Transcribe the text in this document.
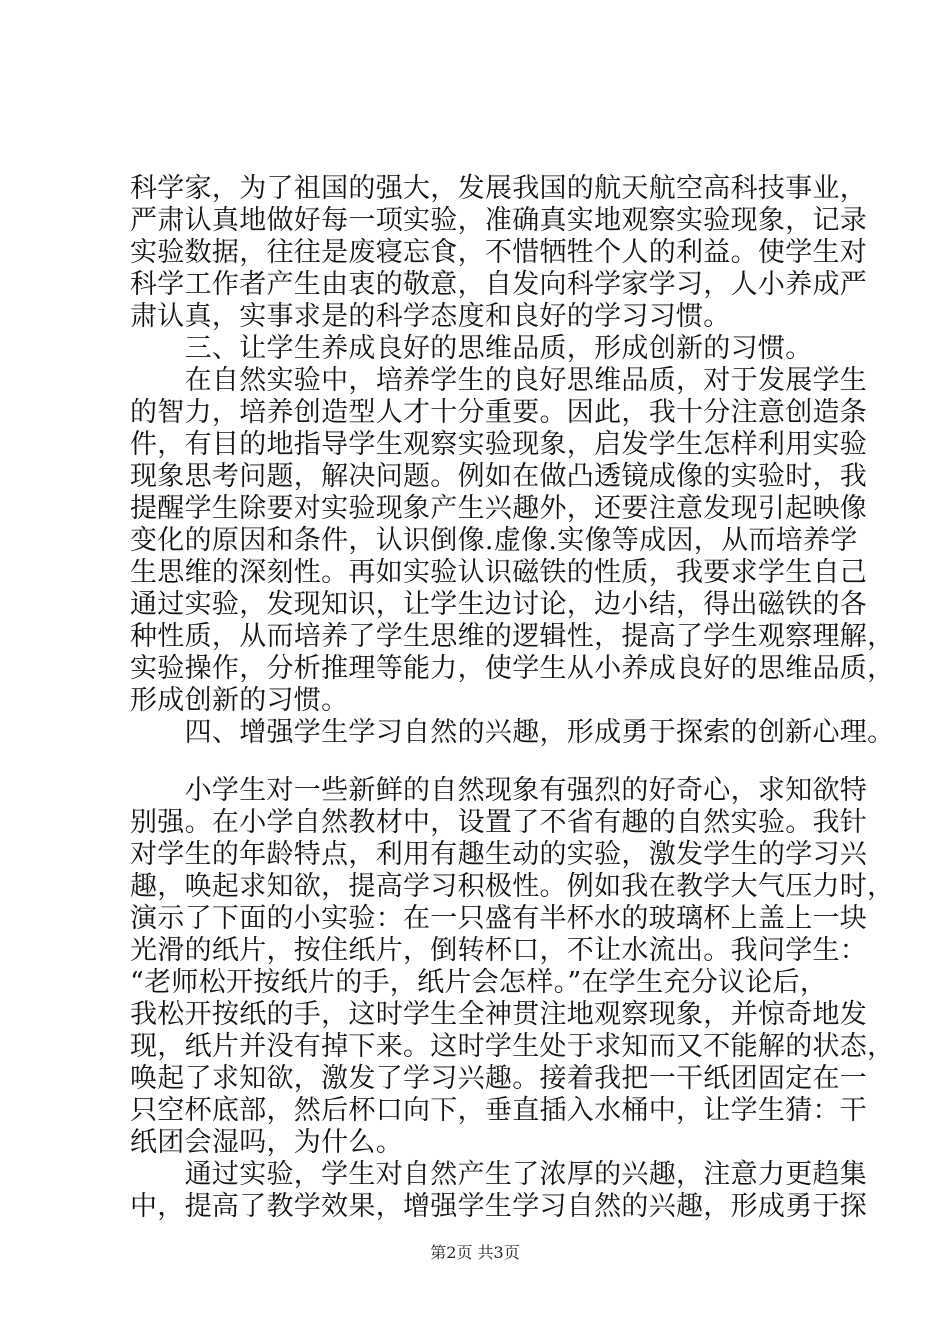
科学家，为了祖国的强大，发展我国的航天航空高科技事业，
严肃认真地做好每一项实验，准确真实地观察实验现象，记录
实验数据，往往是废寝忘食，不惜牺牲个人的利益。使学生对
科学工作者产生由衷的敬意，自发向科学家学习，人小养成严
肃认真，实事求是的科学态度和良好的学习习惯。
　　三、让学生养成良好的思维品质，形成创新的习惯。
　　在自然实验中，培养学生的良好思维品质，对于发展学生
的智力，培养创造型人才十分重要。因此，我十分注意创造条
件，有目的地指导学生观察实验现象，启发学生怎样利用实验
现象思考问题，解决问题。例如在做凸透镜成像的实验时，我
提醒学生除要对实验现象产生兴趣外，还要注意发现引起映像
变化的原因和条件，认识倒像.虚像.实像等成因，从而培养学
生思维的深刻性。再如实验认识磁铁的性质，我要求学生自己
通过实验，发现知识，让学生边讨论，边小结，得出磁铁的各
种性质，从而培养了学生思维的逻辑性，提高了学生观察理解，
实验操作，分析推理等能力，使学生从小养成良好的思维品质，
形成创新的习惯。
　　四、增强学生学习自然的兴趣，形成勇于探索的创新心理。
　　小学生对一些新鲜的自然现象有强烈的好奇心，求知欲特
别强。在小学自然教材中，设置了不省有趣的自然实验。我针
对学生的年龄特点，利用有趣生动的实验，激发学生的学习兴
趣，唤起求知欲，提高学习积极性。例如我在教学大气压力时，
演示了下面的小实验：在一只盛有半杯水的玻璃杯上盖上一块
光滑的纸片，按住纸片，倒转杯口，不让水流出。我问学生：
“老师松开按纸片的手，纸片会怎样。”在学生充分议论后，
我松开按纸的手，这时学生全神贯注地观察现象，并惊奇地发
现，纸片并没有掉下来。这时学生处于求知而又不能解的状态，
唤起了求知欲，激发了学习兴趣。接着我把一干纸团固定在一
只空杯底部，然后杯口向下，垂直插入水桶中，让学生猜：干
纸团会湿吗，为什么。
　　通过实验，学生对自然产生了浓厚的兴趣，注意力更趋集
中，提高了教学效果，增强学生学习自然的兴趣，形成勇于探
第2页 共3页
